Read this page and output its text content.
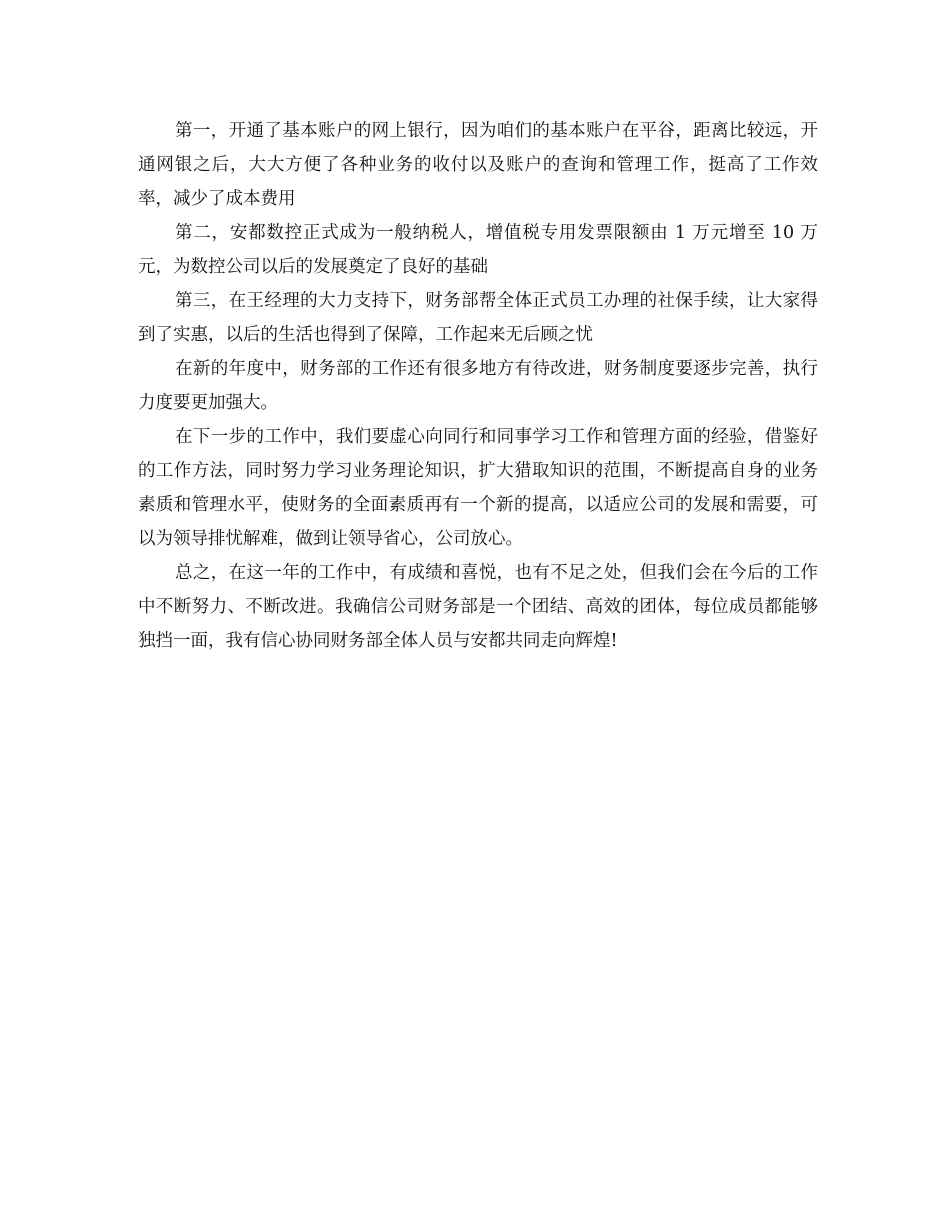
第一，开通了基本账户的网上银行，因为咱们的基本账户在平谷，距离比较远，开通网银之后，大大方便了各种业务的收付以及账户的查询和管理工作，挺高了工作效率，减少了成本费用

第二，安都数控正式成为一般纳税人，增值税专用发票限额由 1 万元增至 10 万元，为数控公司以后的发展奠定了良好的基础

第三，在王经理的大力支持下，财务部帮全体正式员工办理的社保手续，让大家得到了实惠，以后的生活也得到了保障，工作起来无后顾之忧

在新的年度中，财务部的工作还有很多地方有待改进，财务制度要逐步完善，执行力度要更加强大。

在下一步的工作中，我们要虚心向同行和同事学习工作和管理方面的经验，借鉴好的工作方法，同时努力学习业务理论知识，扩大猎取知识的范围，不断提高自身的业务素质和管理水平，使财务的全面素质再有一个新的提高，以适应公司的发展和需要，可以为领导排忧解难，做到让领导省心，公司放心。

总之，在这一年的工作中，有成绩和喜悦，也有不足之处，但我们会在今后的工作中不断努力、不断改进。我确信公司财务部是一个团结、高效的团体，每位成员都能够独挡一面，我有信心协同财务部全体人员与安都共同走向辉煌!
